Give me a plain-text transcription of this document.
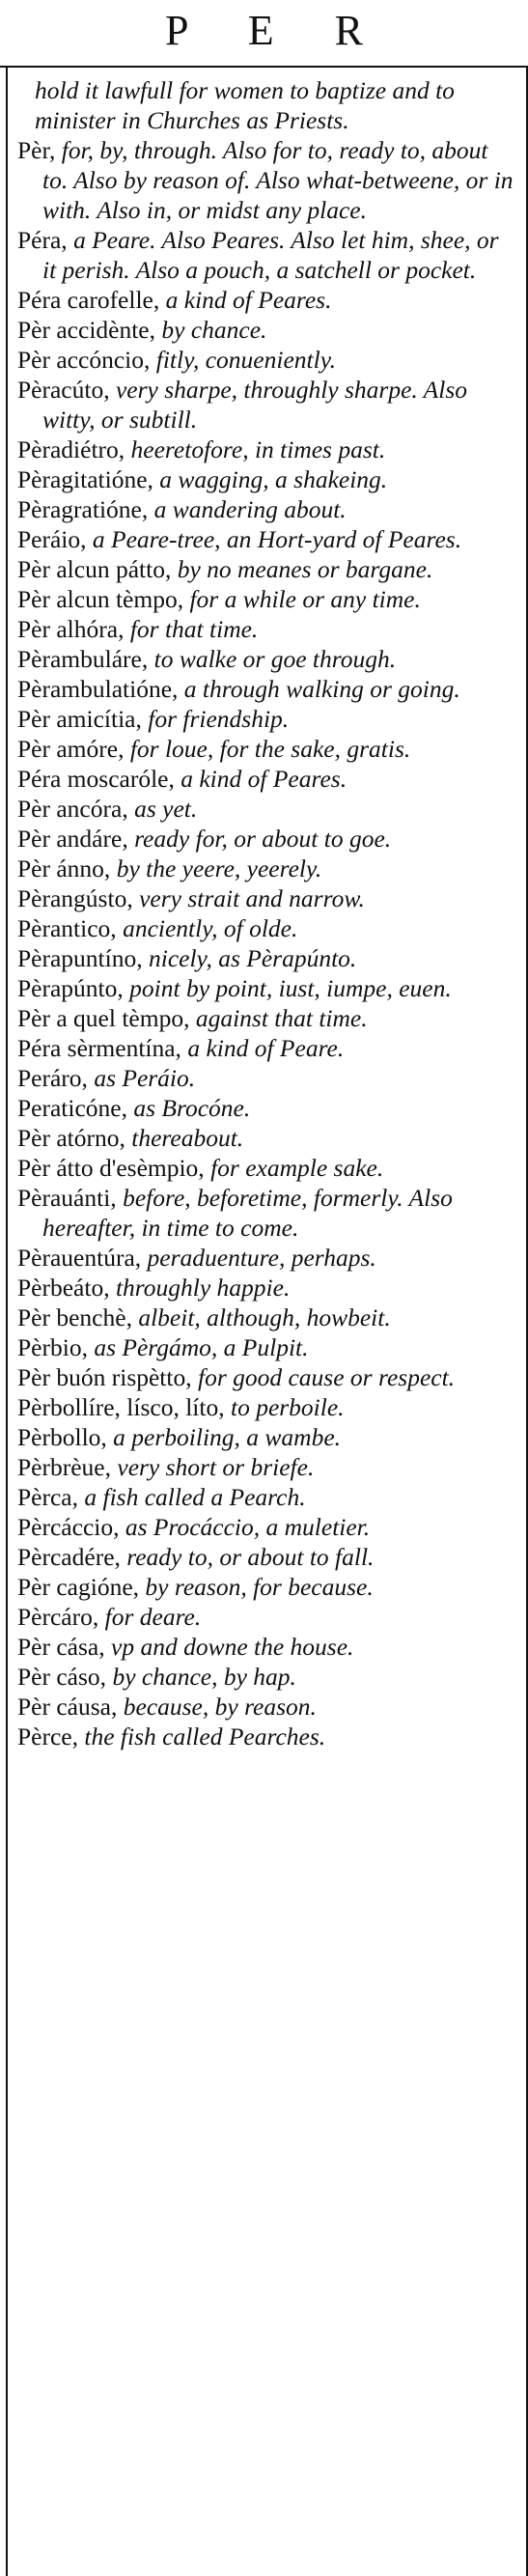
P E R

hold it lawfull for women to baptize and to minister in Churches as Priests.

Pèr, for, by, through. Also for to, ready to, about to. Also by reason of. Also what-betweene, or in with. Also in, or midst any place.

Péra, a Peare. Also Peares. Also let him, shee, or it perish. Also a pouch, a satchell or pocket.

Péra carofelle, a kind of Peares.

Pèr accidènte, by chance.

Pèr accóncio, fitly, conueniently.

Pèracúto, very sharpe, throughly sharpe. Also witty, or subtill.

Pèradiétro, heeretofore, in times past.

Pèragitatióne, a wagging, a shakeing.

Pèragratióne, a wandering about.

Peráio, a Peare-tree, an Hort-yard of Peares.

Pèr alcun pátto, by no meanes or bargane.

Pèr alcun tèmpo, for a while or any time.

Pèr alhóra, for that time.

Pèrambuláre, to walke or goe through.

Pèrambulatióne, a through walking or going.

Pèr amicítia, for friendship.

Pèr amóre, for loue, for the sake, gratis.

Péra moscaróle, a kind of Peares.

Pèr ancóra, as yet.

Pèr andáre, ready for, or about to goe.

Pèr ánno, by the yeere, yeerely.

Pèrangústo, very strait and narrow.

Pèrantico, anciently, of olde.

Pèrapuntíno, nicely, as Pèrapúnto.

Pèrapúnto, point by point, iust, iumpe, euen.

Pèr a quel tèmpo, against that time.

Péra sèrmentína, a kind of Peare.

Peráro, as Peráio.

Peraticóne, as Brocóne.

Pèr atórno, thereabout.

Pèr átto d'esèmpio, for example sake.

Pèrauánti, before, beforetime, formerly. Also hereafter, in time to come.

Pèrauentúra, peraduenture, perhaps.

Pèrbeáto, throughly happie.

Pèr benchè, albeit, although, howbeit.

Pèrbio, as Pèrgámo, a Pulpit.

Pèr buón rispètto, for good cause or respect.

Pèrbollíre, lísco, líto, to perboile.

Pèrbollo, a perboiling, a wambe.

Pèrbrèue, very short or briefe.

Pèrca, a fish called a Pearch.

Pèrcáccio, as Procáccio, a muletier.

Pèrcadére, ready to, or about to fall.

Pèr cagióne, by reason, for because.

Pèrcáro, for deare.

Pèr cása, vp and downe the house.

Pèr cáso, by chance, by hap.

Pèr cáusa, because, by reason.

Pèrce, the fish called Pearches.
